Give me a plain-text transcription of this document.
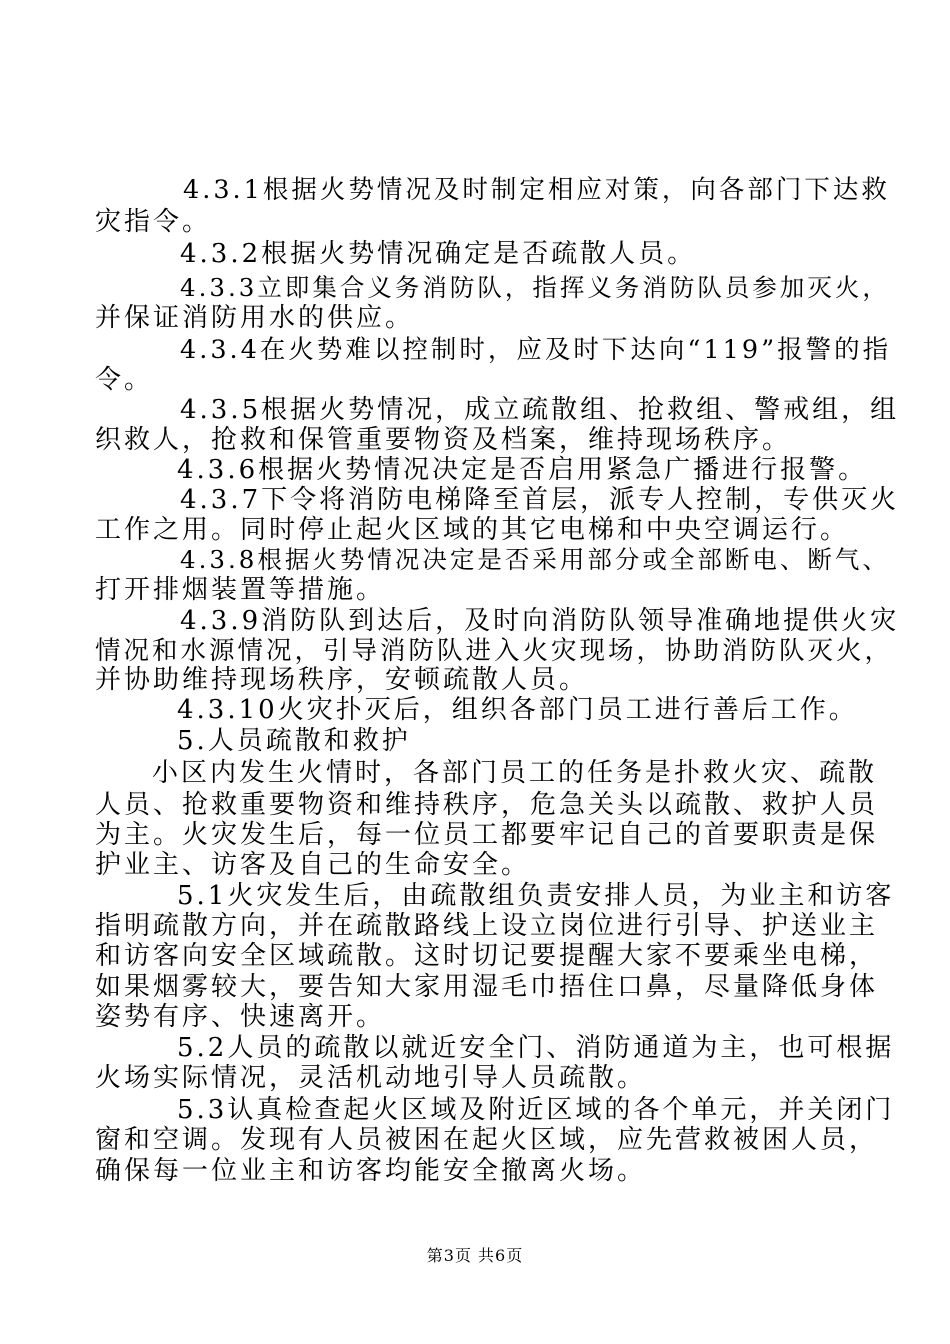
4.3.1根据火势情况及时制定相应对策，向各部门下达救
灾指令。
4.3.2根据火势情况确定是否疏散人员。
4.3.3立即集合义务消防队，指挥义务消防队员参加灭火，
并保证消防用水的供应。
4.3.4在火势难以控制时，应及时下达向“119”报警的指
令。
4.3.5根据火势情况，成立疏散组、抢救组、警戒组，组
织救人，抢救和保管重要物资及档案，维持现场秩序。
4.3.6根据火势情况决定是否启用紧急广播进行报警。
4.3.7下令将消防电梯降至首层，派专人控制，专供灭火
工作之用。同时停止起火区域的其它电梯和中央空调运行。
4.3.8根据火势情况决定是否采用部分或全部断电、断气、
打开排烟装置等措施。
4.3.9消防队到达后，及时向消防队领导准确地提供火灾
情况和水源情况，引导消防队进入火灾现场，协助消防队灭火，
并协助维持现场秩序，安顿疏散人员。
4.3.10火灾扑灭后，组织各部门员工进行善后工作。
5.人员疏散和救护
小区内发生火情时，各部门员工的任务是扑救火灾、疏散
人员、抢救重要物资和维持秩序，危急关头以疏散、救护人员
为主。火灾发生后，每一位员工都要牢记自己的首要职责是保
护业主、访客及自己的生命安全。
5.1火灾发生后，由疏散组负责安排人员，为业主和访客
指明疏散方向，并在疏散路线上设立岗位进行引导、护送业主
和访客向安全区域疏散。这时切记要提醒大家不要乘坐电梯，
如果烟雾较大，要告知大家用湿毛巾捂住口鼻，尽量降低身体
姿势有序、快速离开。
5.2人员的疏散以就近安全门、消防通道为主，也可根据
火场实际情况，灵活机动地引导人员疏散。
5.3认真检查起火区域及附近区域的各个单元，并关闭门
窗和空调。发现有人员被困在起火区域，应先营救被困人员，
确保每一位业主和访客均能安全撤离火场。
第3页 共6页
